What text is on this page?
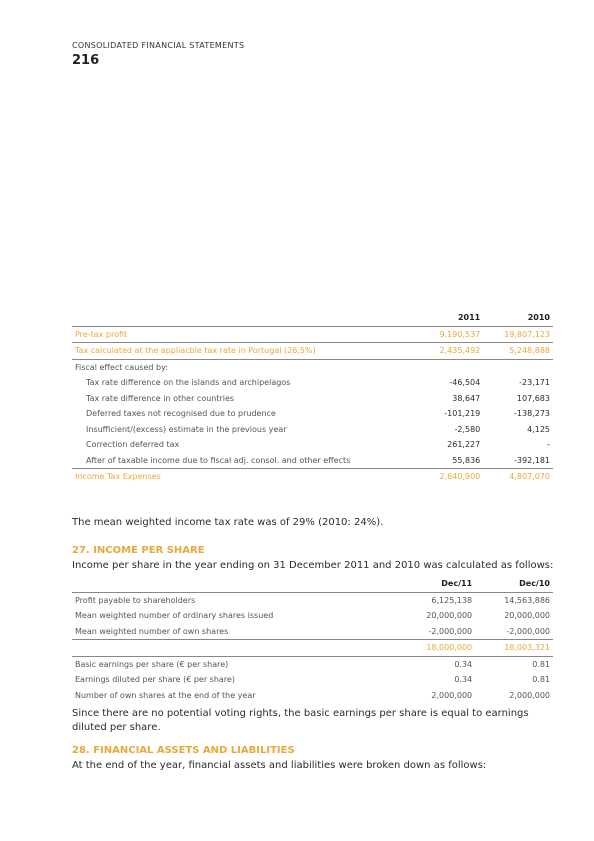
CONSOLIDATED FINANCIAL STATEMENTS
216
	2011	2010
Pre-tax profit	9,190,537	19,807,123
Tax calculated at the appliacble tax rate in Portugal (26,5%)	2,435,492	5,248,888
Fiscal effect caused by:		
Tax rate difference on the islands and archipelagos	-46,504	-23,171
Tax rate difference in other countries	38,647	107,683
Deferred taxes not recognised due to prudence	-101,219	-138,273
Insufficient/(excess) estimate in the previous year	-2,580	4,125
Correction deferred tax	261,227	-
After of taxable income due to fiscal adj. consol. and other effects	55,836	-392,181
Income Tax Expenses	2,640,900	4,807,070
The mean weighted income tax rate was of 29% (2010: 24%).
27. INCOME PER SHARE
Income per share in the year ending on 31 December 2011 and 2010 was calculated as follows:
	Dec/11	Dec/10
Profit payable to shareholders	6,125,138	14,563,886
Mean weighted number of ordinary shares issued	20,000,000	20,000,000
Mean weighted number of own shares	-2,000,000	-2,000,000
	18,000,000	18,003,321
Basic earnings per share (€ per share)	0.34	0.81
Earnings diluted per share (€ per share)	0.34	0.81
Number of own shares at the end of the year	2,000,000	2,000,000
Since there are no potential voting rights, the basic earnings per share is equal to earnings diluted per share.
28. FINANCIAL ASSETS AND LIABILITIES
At the end of the year, financial assets and liabilities were broken down as follows:
